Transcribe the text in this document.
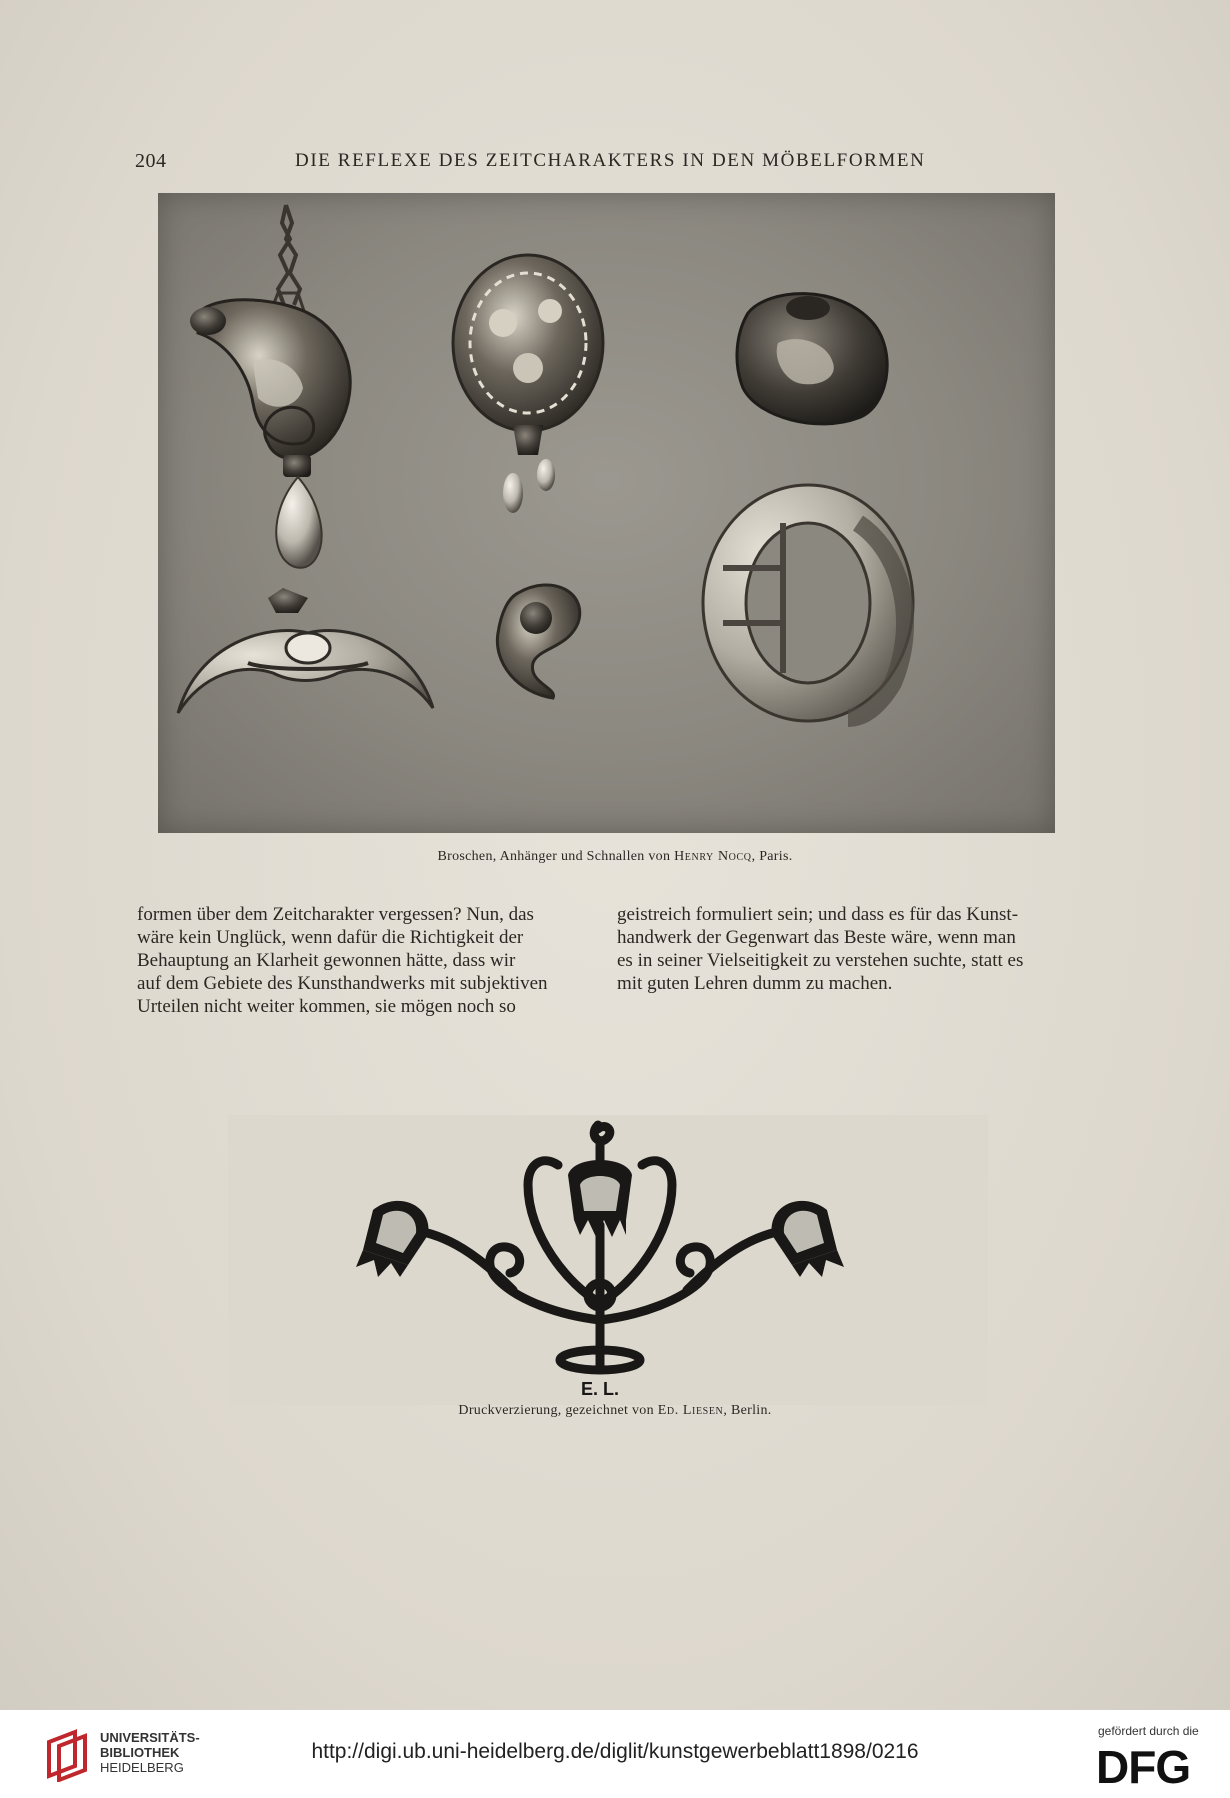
204	DIE REFLEXE DES ZEITCHARAKTERS IN DEN MÖBELFORMEN
Broschen, Anhänger und Schnallen von Henry Nocq, Paris.
formen über dem Zeitcharakter vergessen? Nun, das
wäre kein Unglück, wenn dafür die Richtigkeit der
Behauptung an Klarheit gewonnen hätte, dass wir
auf dem Gebiete des Kunsthandwerks mit subjektiven
Urteilen nicht weiter kommen, sie mögen noch so
geistreich formuliert sein; und dass es für das Kunst-
handwerk der Gegenwart das Beste wäre, wenn man
es in seiner Vielseitigkeit zu verstehen suchte, statt es
mit guten Lehren dumm zu machen.
E. L.
Druckverzierung, gezeichnet von Ed. Liesen, Berlin.
UNIVERSITÄTS-
BIBLIOTHEK
HEIDELBERG
http://digi.ub.uni-heidelberg.de/diglit/kunstgewerbeblatt1898/0216
gefördert durch die
DFG
